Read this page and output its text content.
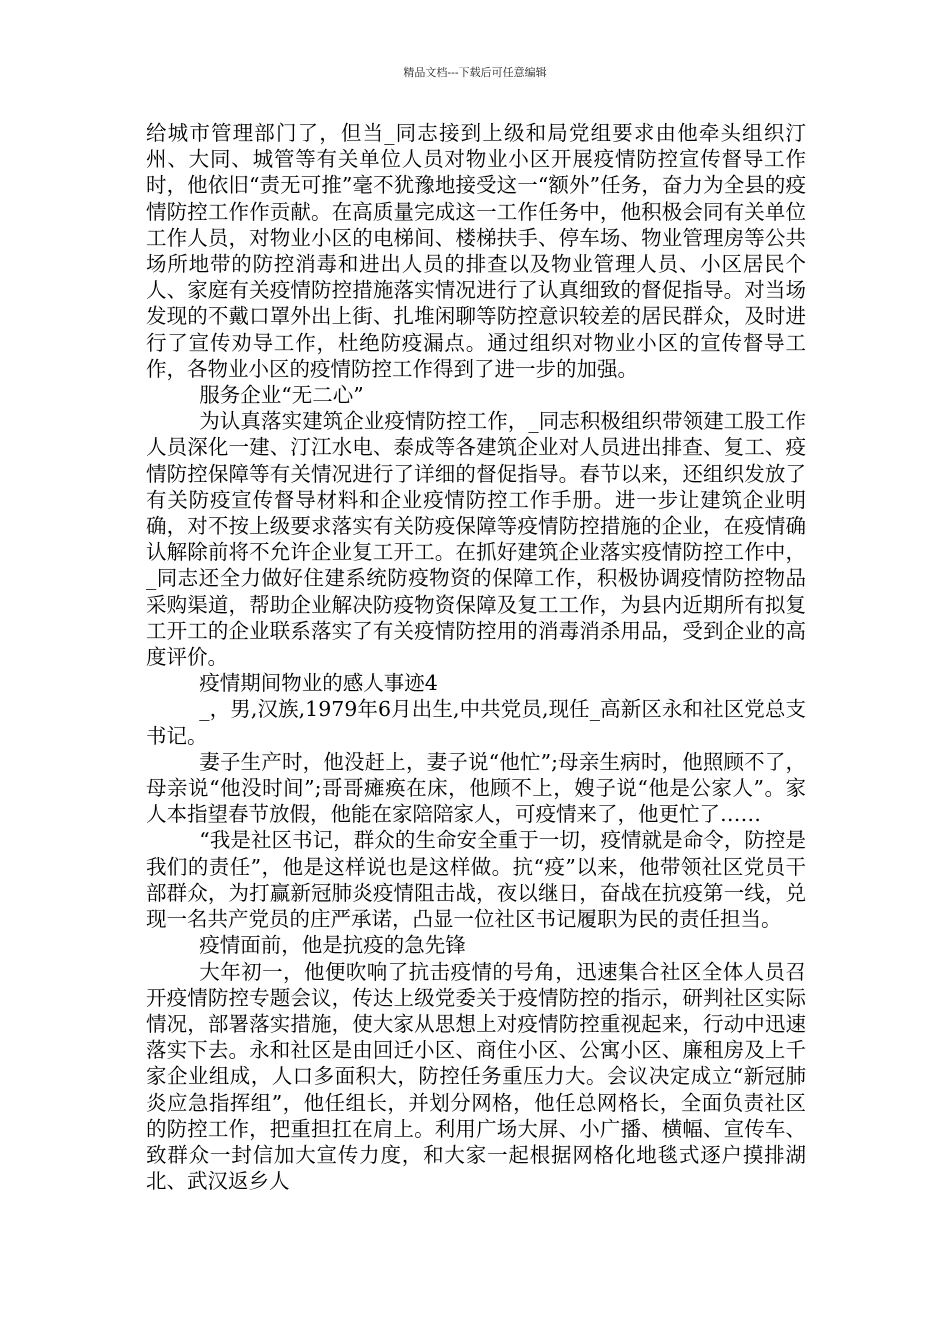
精品文档---下载后可任意编辑

给城市管理部门了，但当_同志接到上级和局党组要求由他牵头组织汀州、大同、城管等有关单位人员对物业小区开展疫情防控宣传督导工作时，他依旧“责无可推”毫不犹豫地接受这一“额外”任务，奋力为全县的疫情防控工作作贡献。在高质量完成这一工作任务中，他积极会同有关单位工作人员，对物业小区的电梯间、楼梯扶手、停车场、物业管理房等公共场所地带的防控消毒和进出人员的排查以及物业管理人员、小区居民个人、家庭有关疫情防控措施落实情况进行了认真细致的督促指导。对当场发现的不戴口罩外出上街、扎堆闲聊等防控意识较差的居民群众，及时进行了宣传劝导工作，杜绝防疫漏点。通过组织对物业小区的宣传督导工作，各物业小区的疫情防控工作得到了进一步的加强。

服务企业“无二心”

为认真落实建筑企业疫情防控工作，_同志积极组织带领建工股工作人员深化一建、汀江水电、泰成等各建筑企业对人员进出排查、复工、疫情防控保障等有关情况进行了详细的督促指导。春节以来，还组织发放了有关防疫宣传督导材料和企业疫情防控工作手册。进一步让建筑企业明确，对不按上级要求落实有关防疫保障等疫情防控措施的企业，在疫情确认解除前将不允许企业复工开工。在抓好建筑企业落实疫情防控工作中，_同志还全力做好住建系统防疫物资的保障工作，积极协调疫情防控物品采购渠道，帮助企业解决防疫物资保障及复工工作，为县内近期所有拟复工开工的企业联系落实了有关疫情防控用的消毒消杀用品，受到企业的高度评价。

疫情期间物业的感人事迹4

_，男,汉族,1979年6月出生,中共党员,现任_高新区永和社区党总支书记。

妻子生产时，他没赶上，妻子说“他忙”;母亲生病时，他照顾不了，母亲说“他没时间”;哥哥瘫痪在床，他顾不上，嫂子说“他是公家人”。家人本指望春节放假，他能在家陪陪家人，可疫情来了，他更忙了……

“我是社区书记，群众的生命安全重于一切，疫情就是命令，防控是我们的责任”，他是这样说也是这样做。抗“疫”以来，他带领社区党员干部群众，为打赢新冠肺炎疫情阻击战，夜以继日，奋战在抗疫第一线，兑现一名共产党员的庄严承诺，凸显一位社区书记履职为民的责任担当。

疫情面前，他是抗疫的急先锋

大年初一，他便吹响了抗击疫情的号角，迅速集合社区全体人员召开疫情防控专题会议，传达上级党委关于疫情防控的指示，研判社区实际情况，部署落实措施，使大家从思想上对疫情防控重视起来，行动中迅速落实下去。永和社区是由回迁小区、商住小区、公寓小区、廉租房及上千家企业组成，人口多面积大，防控任务重压力大。会议决定成立“新冠肺炎应急指挥组”，他任组长，并划分网格，他任总网格长，全面负责社区的防控工作，把重担扛在肩上。利用广场大屏、小广播、横幅、宣传车、致群众一封信加大宣传力度，和大家一起根据网格化地毯式逐户摸排湖北、武汉返乡人
